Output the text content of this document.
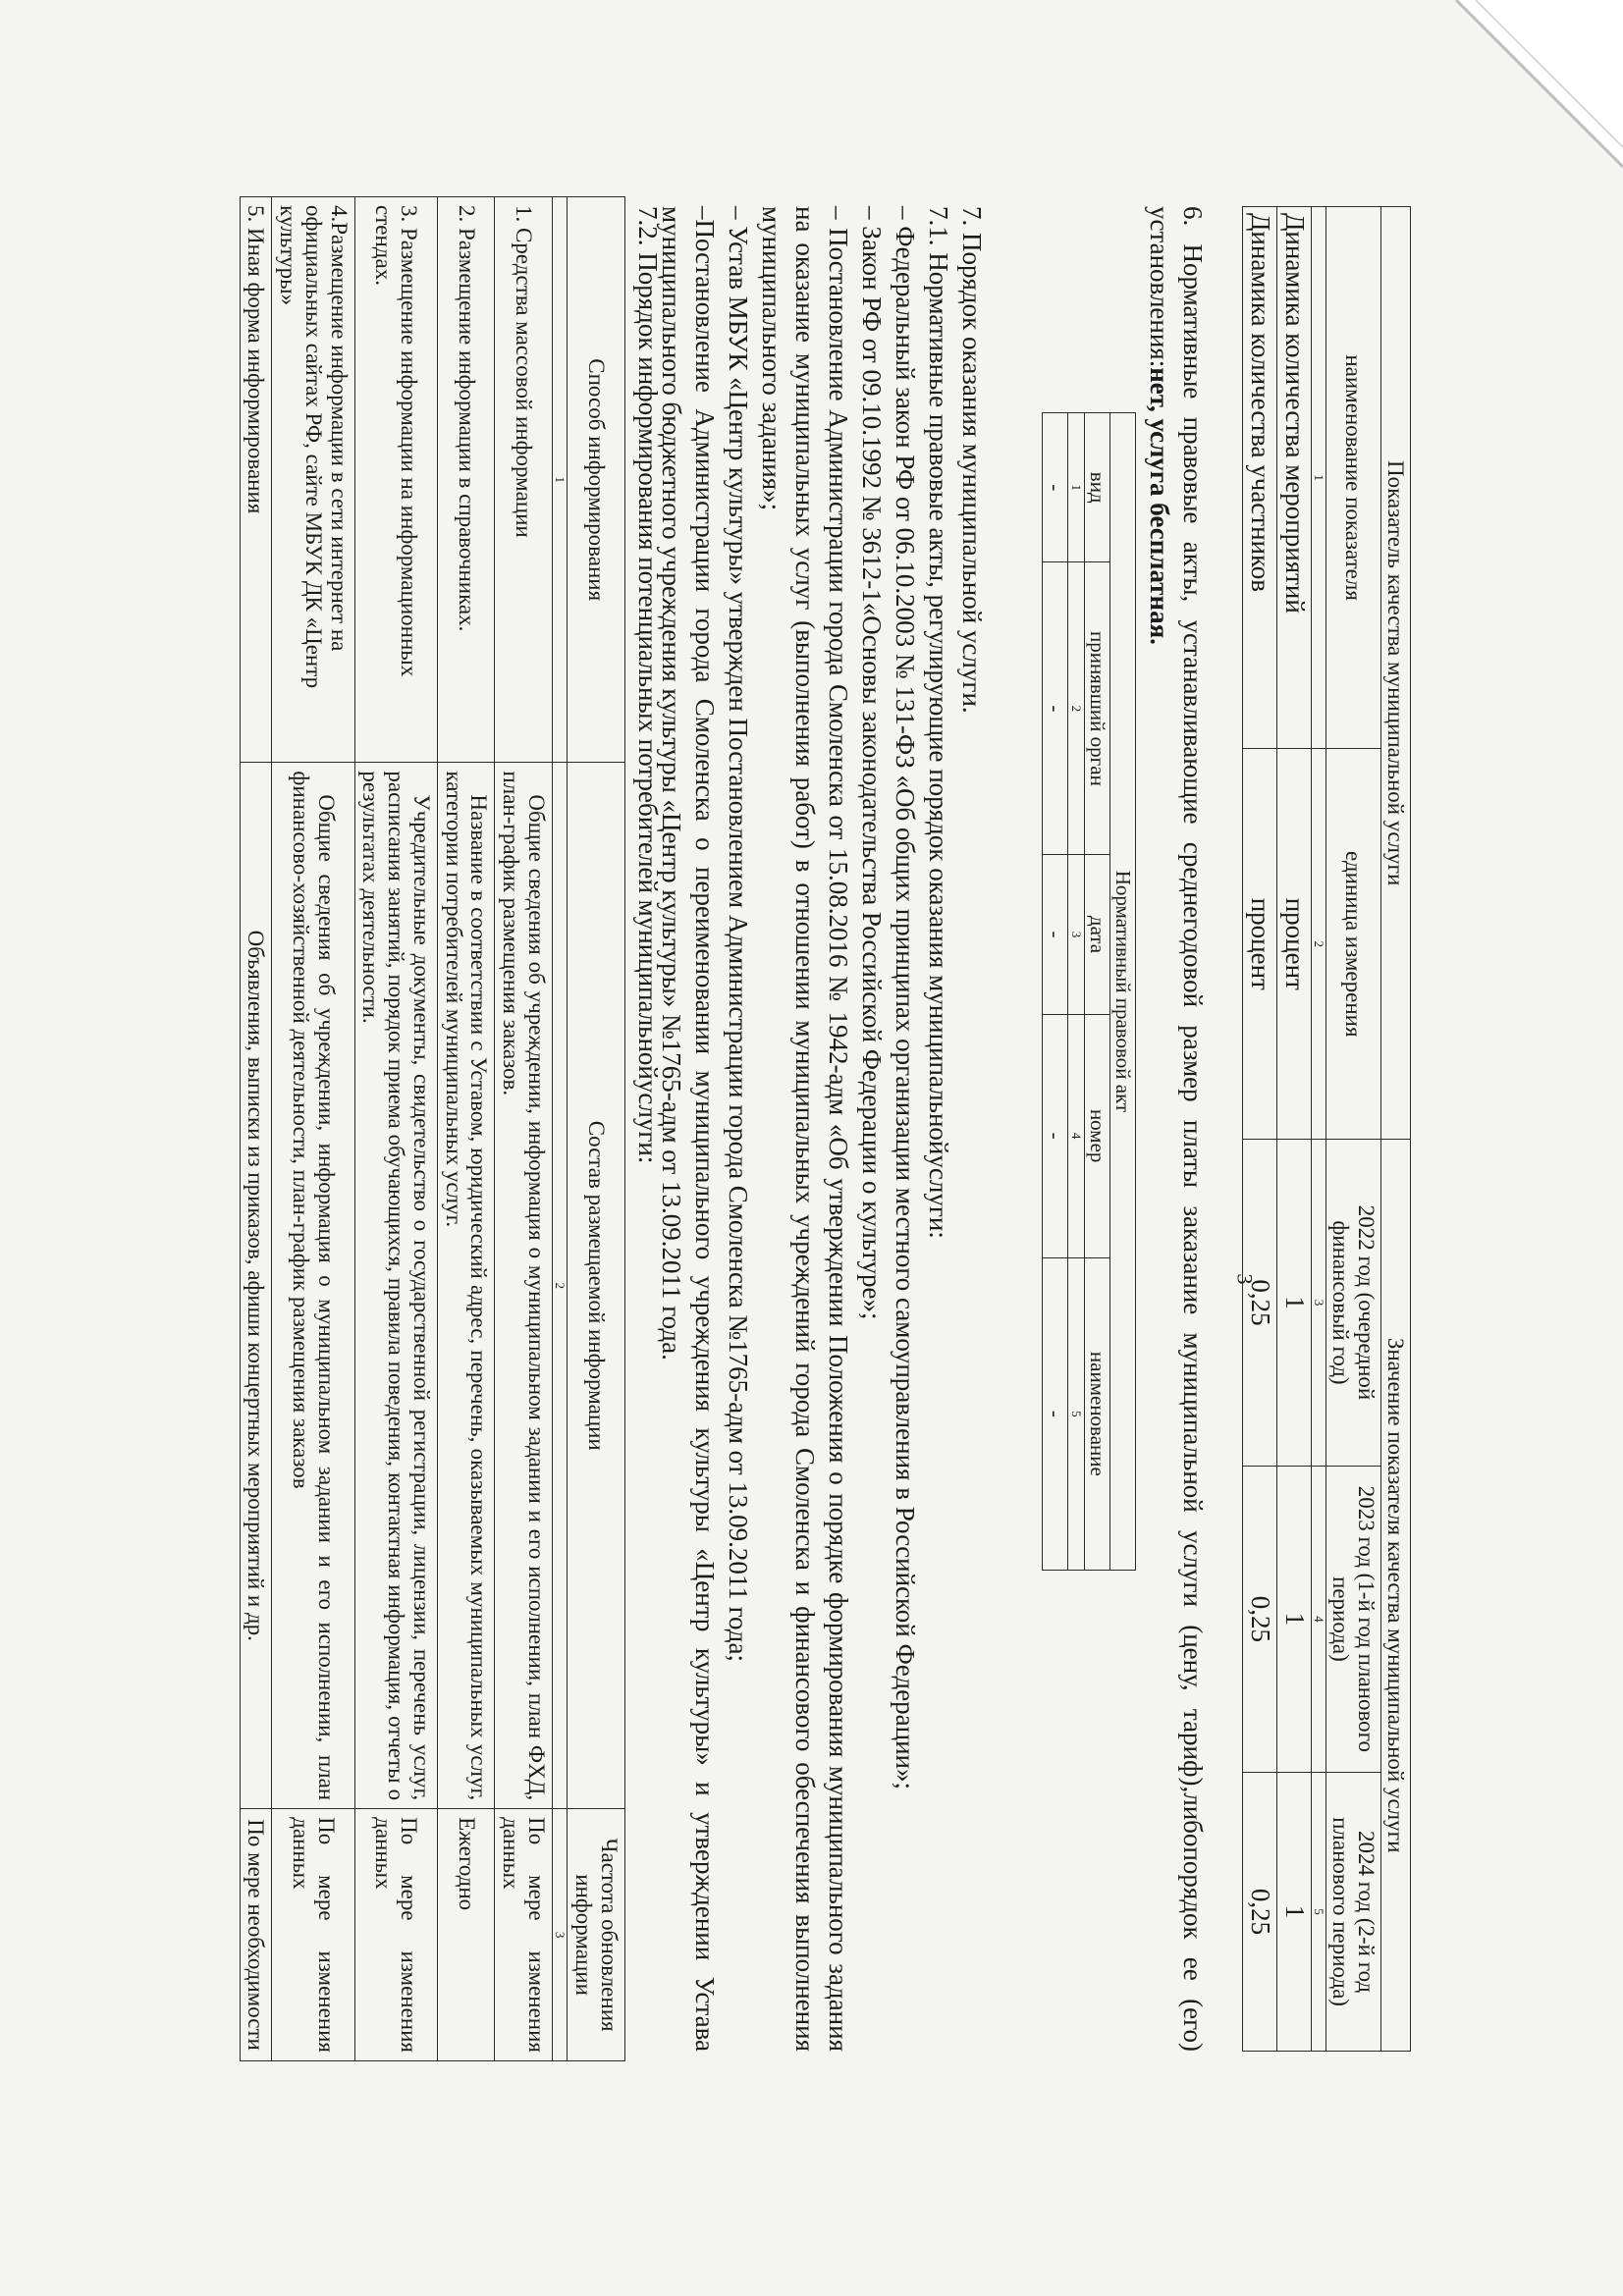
3
Показатель качества муниципальной услуги		Значение показателя качества муниципальной услуги		
наименование показателя	единица измерения	2022 год (очередной финансовый год)	2023 год (1-й год планового периода)	2024 год (2-й год планового периода)
1	2	3	4	5
Динамика количества мероприятий	процент	1	1	1
Динамика количества участников	процент	0,25	0,25	0,25
6. Нормативные правовые акты, устанавливающие среднегодовой размер платы заказание муниципальной услуги (цену, тариф),либопорядок ее (его) установления:нет, услуга бесплатная.
Нормативный правовой акт				
вид	принявший орган	дата	номер	наименование
1	2	3	4	5
-	-	-	-	-
7. Порядок оказания муниципальной услуги.
7.1. Нормативные правовые акты, регулирующие порядок оказания муниципальнойуслуги:
– Федеральный закон РФ от 06.10.2003 № 131-ФЗ «Об общих принципах организации местного самоуправления в Российской Федерации»;
– Закон РФ от 09.10.1992 № 3612-1«Основы законодательства Российской Федерации о культуре»;
– Постановление Администрации города Смоленска от 15.08.2016 № 1942-адм «Об утверждении Положения о порядке формирования муниципального задания на оказание муниципальных услуг (выполнения работ) в отношении муниципальных учреждений города Смоленска и финансового обеспечения выполнения муниципального задания»;
– Устав МБУК «Центр культуры» утвержден Постановлением Администрации города Смоленска №1765-адм от 13.09.2011 года;
–Постановление Администрации города Смоленска о переименовании муниципального учреждения культуры «Центр культуры» и утверждении Устава муниципального бюджетного учреждения культуры «Центр культуры» №1765-адм от 13.09.2011 года.
7.2. Порядок информирования потенциальных потребителей муниципальнойуслуги:
Способ информирования	Состав размещаемой информации	Частота обновления информации
1	2	3
1. Средства массовой информации	Общие сведения об учреждении, информация о муниципальном задании и его исполнении, план ФХД, план-график размещения заказов.	По мере изменения данных
2. Размещение информации в справочниках.	Название в соответствии с Уставом, юридический адрес, перечень, оказываемых муниципальных услуг, категории потребителей муниципальных услуг.	Ежегодно
3. Размещение информации на информационных стендах.	Учредительные документы, свидетельство о государственной регистрации, лицензии, перечень услуг, расписания занятий, порядок приема обучающихся, правила поведения, контактная информация, отчеты о результатах деятельности.	По мере изменения данных
4.Размещение информации в сети интернет на официальных сайтах РФ, сайте МБУК ДК «Центр культуры»	Общие сведения об учреждении, информация о муниципальном задании и его исполнении, план финансово-хозяйственной деятельности, план-график размещения заказов	По мере изменения данных
5. Иная форма информирования	Объявления, выписки из приказов, афиши концертных мероприятий и др.	По мере необходимости
